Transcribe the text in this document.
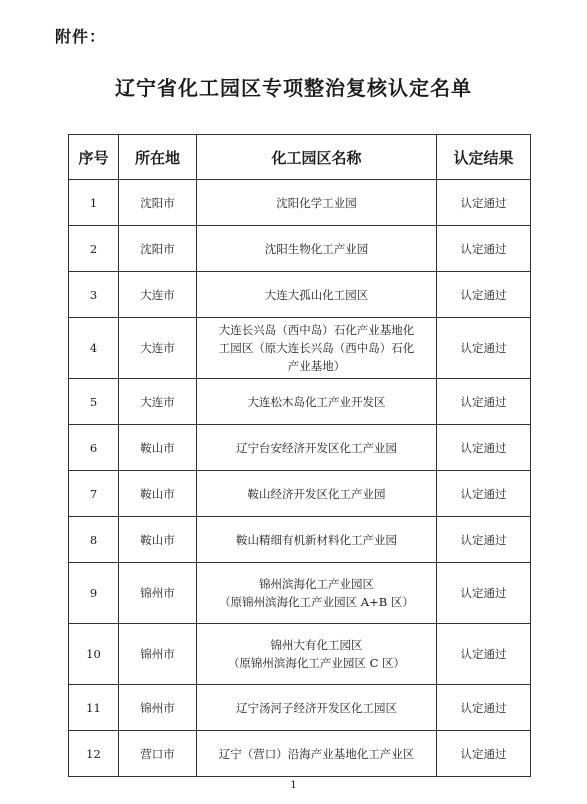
附件：
辽宁省化工园区专项整治复核认定名单
序号	所在地	化工园区名称	认定结果
1	沈阳市	沈阳化学工业园	认定通过
2	沈阳市	沈阳生物化工产业园	认定通过
3	大连市	大连大孤山化工园区	认定通过
4	大连市	大连长兴岛（西中岛）石化产业基地化
工园区（原大连长兴岛（西中岛）石化
产业基地）	认定通过
5	大连市	大连松木岛化工产业开发区	认定通过
6	鞍山市	辽宁台安经济开发区化工产业园	认定通过
7	鞍山市	鞍山经济开发区化工产业园	认定通过
8	鞍山市	鞍山精细有机新材料化工产业园	认定通过
9	锦州市	锦州滨海化工产业园区
（原锦州滨海化工产业园区 A+B 区）	认定通过
10	锦州市	锦州大有化工园区
（原锦州滨海化工产业园区 C 区）	认定通过
11	锦州市	辽宁汤河子经济开发区化工园区	认定通过
12	营口市	辽宁（营口）沿海产业基地化工产业区	认定通过
1
